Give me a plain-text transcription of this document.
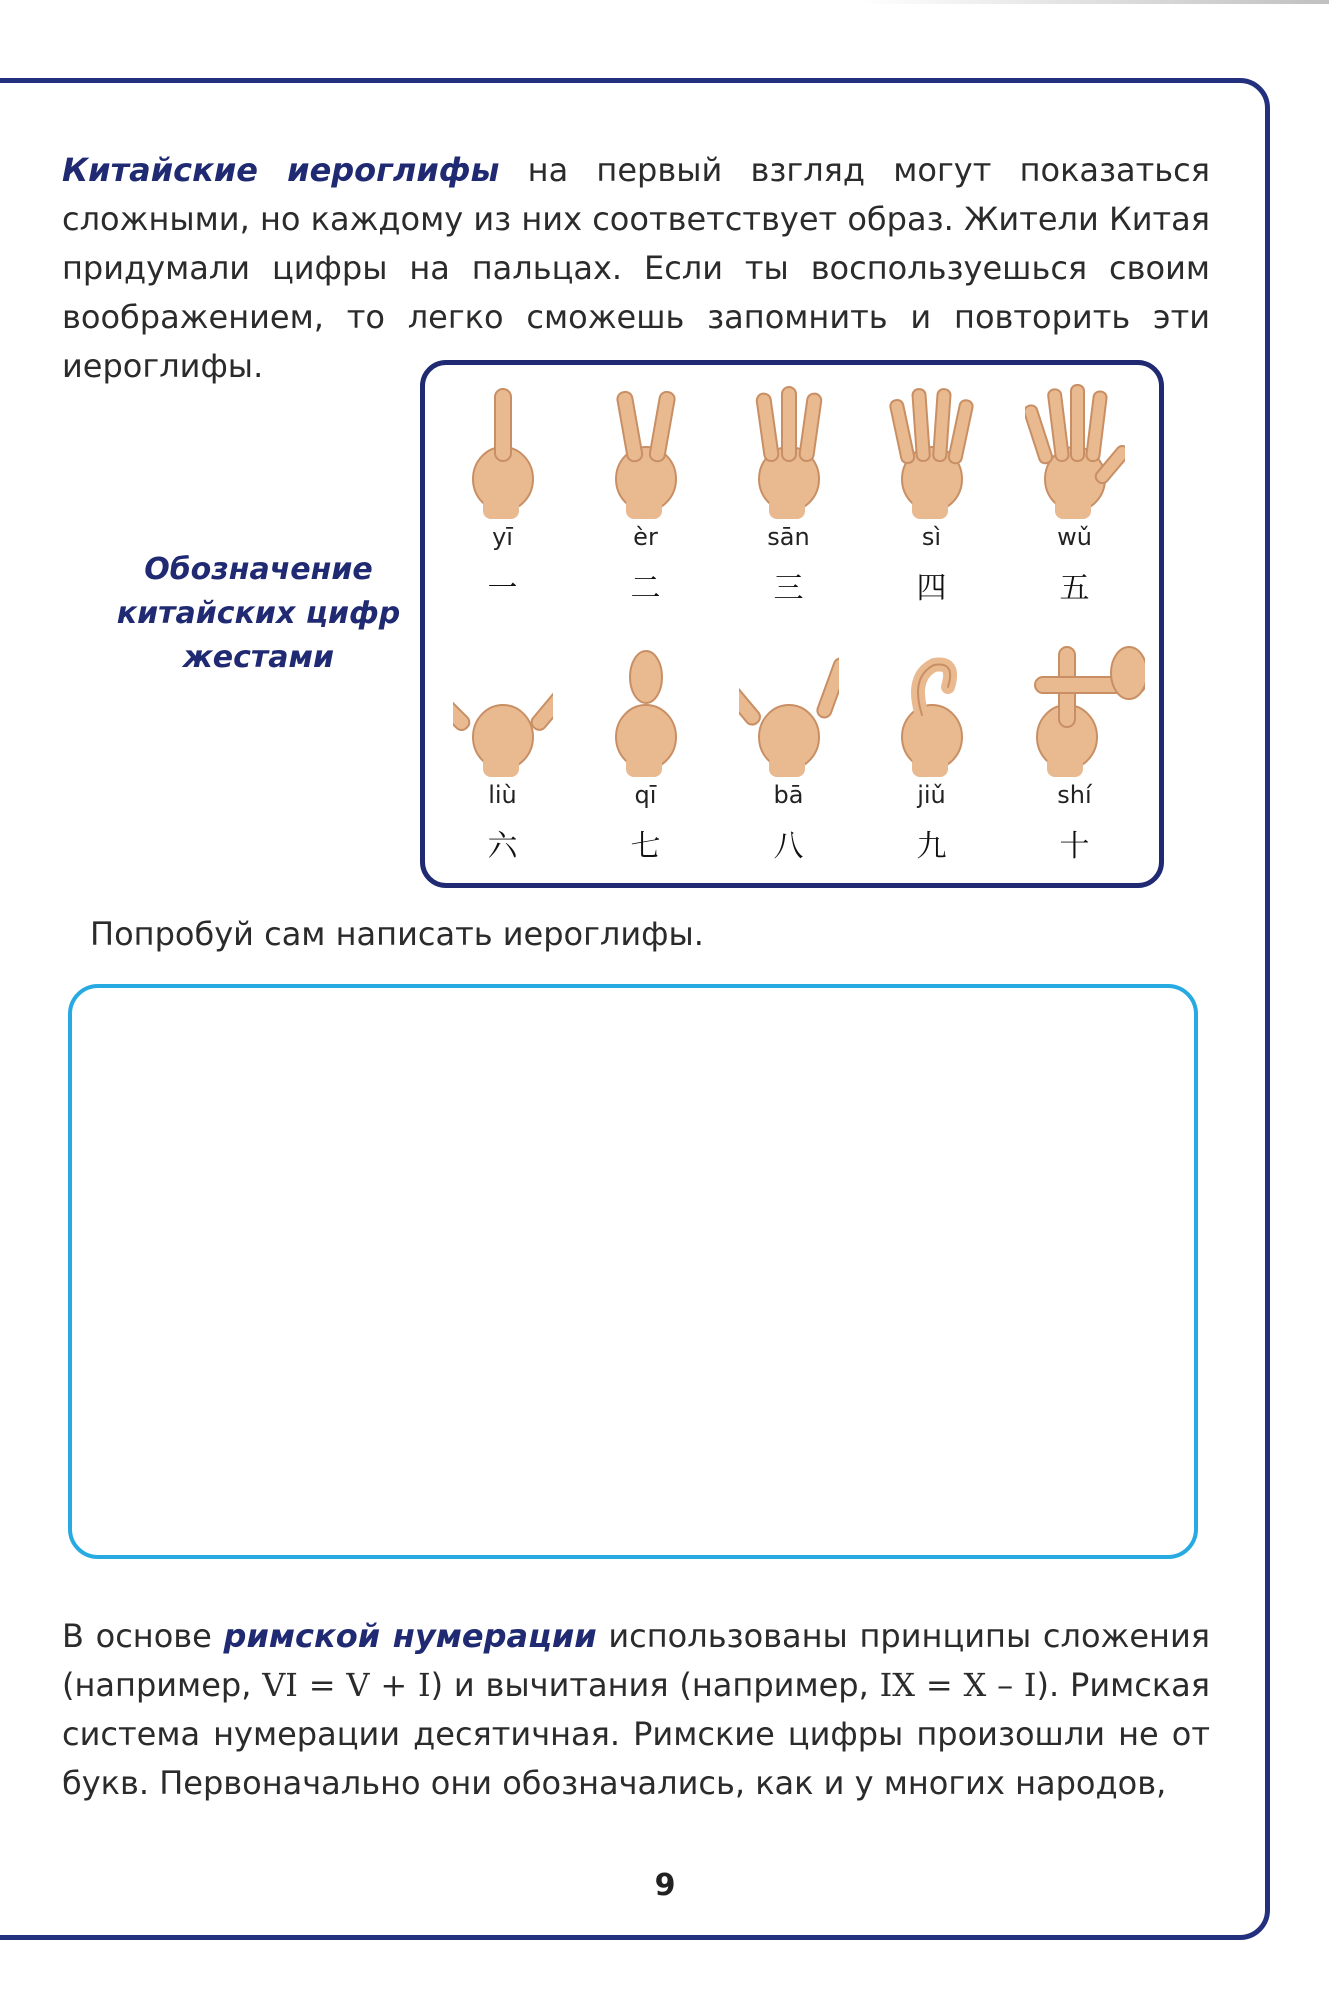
Китайские иероглифы на первый взгляд могут показаться сложными, но каждому из них соответствует образ. Жители Китая придумали цифры на пальцах. Если ты воспользуешься своим воображением, то легко сможешь запомнить и повторить эти иероглифы.

Обозначение
китайских цифр
жестами

yī
一
èr
二
sān
三
sì
四
wǔ
五
liù
六
qī
七
bā
八
jiǔ
九
shí
十

Попробуй сам написать иероглифы.

В основе римской нумерации использованы принципы сложения (например, VI = V + I) и вычитания (например, IX = X – I). Римская система нумерации десятичная. Римские цифры произошли не от букв. Первоначально они обозначались, как и у многих народов,

9
